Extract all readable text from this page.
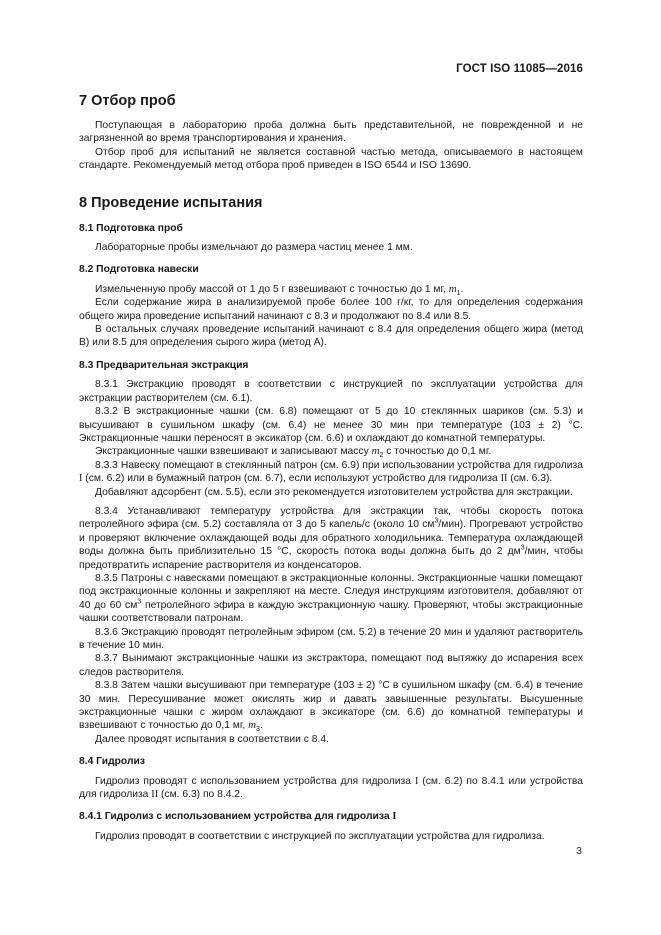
ГОСТ ISO 11085—2016
7 Отбор проб

Поступающая в лабораторию проба должна быть представительной, не поврежденной и не загрязненной во время транспортирования и хранения.

Отбор проб для испытаний не является составной частью метода, описываемого в настоящем стандарте. Рекомендуемый метод отбора проб приведен в ISO 6544 и ISO 13690.

8 Проведение испытания
8.1 Подготовка проб

Лабораторные пробы измельчают до размера частиц менее 1 мм.

8.2 Подготовка навески

Измельченную пробу массой от 1 до 5 г взвешивают с точностью до 1 мг, $m_1$.

Если содержание жира в анализируемой пробе более 100 г/кг, то для определения содержания общего жира проведение испытаний начинают с 8.3 и продолжают по 8.4 или 8.5.

В остальных случаях проведение испытаний начинают с 8.4 для определения общего жира (метод B) или 8.5 для определения сырого жира (метод А).

8.3 Предварительная экстракция

8.3.1 Экстракцию проводят в соответствии с инструкцией по эксплуатации устройства для экстракции растворителем (см. 6.1).

8.3.2 В экстракционные чашки (см. 6.8) помещают от 5 до 10 стеклянных шариков (см. 5.3) и высушивают в сушильном шкафу (см. 6.4) не менее 30 мин при температуре (103 ± 2) °С. Экстракционные чашки переносят в эксикатор (см. 6.6) и охлаждают до комнатной температуры.

Экстракционные чашки взвешивают и записывают массу $m_2$ с точностью до 0,1 мг.

8.3.3 Навеску помещают в стеклянный патрон (см. 6.9) при использовании устройства для гидролиза I (см. 6.2) или в бумажный патрон (см. 6.7), если используют устройство для гидролиза II (см. 6.3).

Добавляют адсорбент (см. 5.5), если это рекомендуется изготовителем устройства для экстракции.

8.3.4 Устанавливают температуру устройства для экстракции так, чтобы скорость потока петролейного эфира (см. 5.2) составляла от 3 до 5 капель/с (около 10 $см^3/мин$). Прогревают устройство и проверяют включение охлаждающей воды для обратного холодильника. Температура охлаждающей воды должна быть приблизительно 15 °С, скорость потока воды должна быть до 2 $дм^3$/мин, чтобы предотвратить испарение растворителя из конденсаторов.

8.3.5 Патроны с навесками помещают в экстракционные колонны. Экстракционные чашки помещают под экстракционные колонны и закрепляют на месте. Следуя инструкциям изготовителя, добавляют от 40 до 60 $см^3$ петролейного эфира в каждую экстракционную чашку. Проверяют, чтобы экстракционные чашки соответствовали патронам.

8.3.6 Экстракцию проводят петролейным эфиром (см. 5.2) в течение 20 мин и удаляют растворитель в течение 10 мин.

8.3.7 Вынимают экстракционные чашки из экстрактора, помещают под вытяжку до испарения всех следов растворителя.

8.3.8 Затем чашки высушивают при температуре (103 ± 2) °С в сушильном шкафу (см. 6.4) в течение 30 мин. Пересушивание может окислять жир и давать завышенные результаты. Высушенные экстракционные чашки с жиром охлаждают в эксикаторе (см. 6.6) до комнатной температуры и взвешивают с точностью до 0,1 мг, $m_3$.

Далее проводят испытания в соответствии с 8.4.

8.4 Гидролиз

Гидролиз проводят с использованием устройства для гидролиза I (см. 6.2) по 8.4.1 или устройства для гидролиза II (см. 6.3) по 8.4.2.

8.4.1 Гидролиз с использованием устройства для гидролиза I

Гидролиз проводят в соответствии с инструкцией по эксплуатации устройства для гидролиза.

3
